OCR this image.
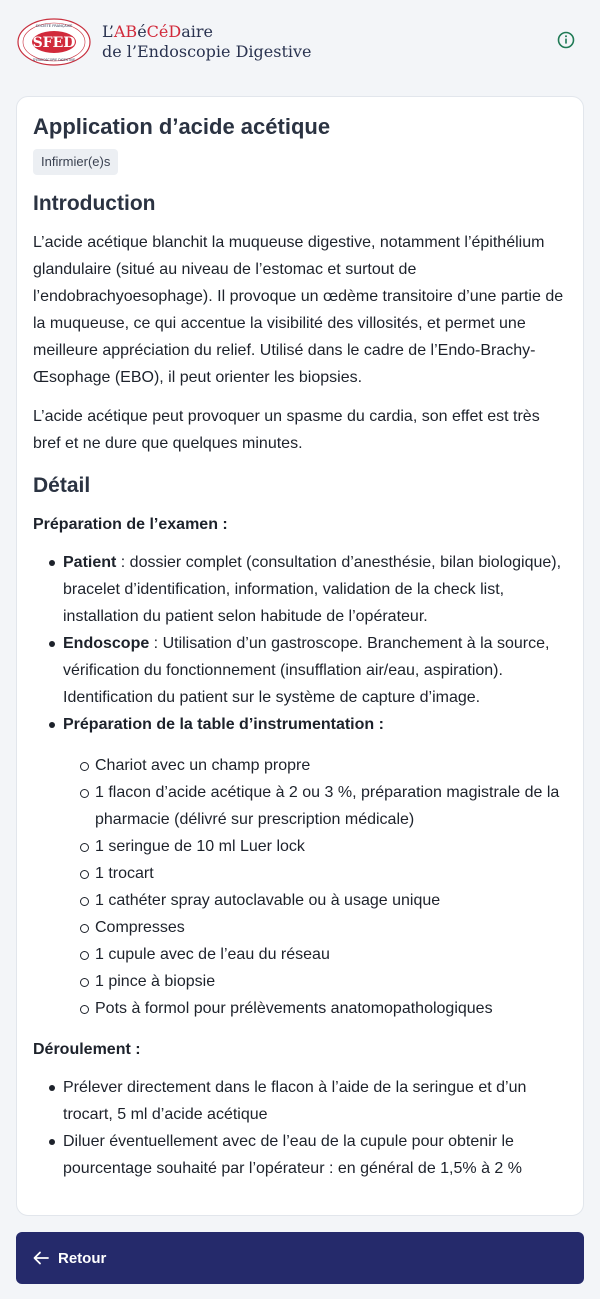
SFED
SOCIÉTÉ FRANÇAISE
D'ENDOSCOPIE DIGESTIVE
L’ABéCéDaire
de l’Endoscopie Digestive
Application d’acide acétique
Infirmier(e)s
Introduction

L’acide acétique blanchit la muqueuse digestive, notamment l’épithélium glandulaire (situé au niveau de l’estomac et surtout de l’endobrachyoesophage). Il provoque un œdème transitoire d’une partie de la muqueuse, ce qui accentue la visibilité des villosités, et permet une meilleure appréciation du relief. Utilisé dans le cadre de l’Endo-Brachy-Œsophage (EBO), il peut orienter les biopsies.

L’acide acétique peut provoquer un spasme du cardia, son effet est très bref et ne dure que quelques minutes.

Détail
Préparation de l’examen :
Patient : dossier complet (consultation d’anesthésie, bilan biologique), bracelet d’identification, information, validation de la check list, installation du patient selon habitude de l’opérateur.
Endoscope : Utilisation d’un gastroscope. Branchement à la source, vérification du fonctionnement (insufflation air/eau, aspiration). Identification du patient sur le système de capture d’image.
Préparation de la table d’instrumentation :
Chariot avec un champ propre
1 flacon d’acide acétique à 2 ou 3 %, préparation magistrale de la pharmacie (délivré sur prescription médicale)
1 seringue de 10 ml Luer lock
1 trocart
1 cathéter spray autoclavable ou à usage unique
Compresses
1 cupule avec de l’eau du réseau
1 pince à biopsie
Pots à formol pour prélèvements anatomopathologiques
Déroulement :
Prélever directement dans le flacon à l’aide de la seringue et d’un trocart, 5 ml d’acide acétique
Diluer éventuellement avec de l’eau de la cupule pour obtenir le pourcentage souhaité par l’opérateur : en général de 1,5% à 2 %
Retour
